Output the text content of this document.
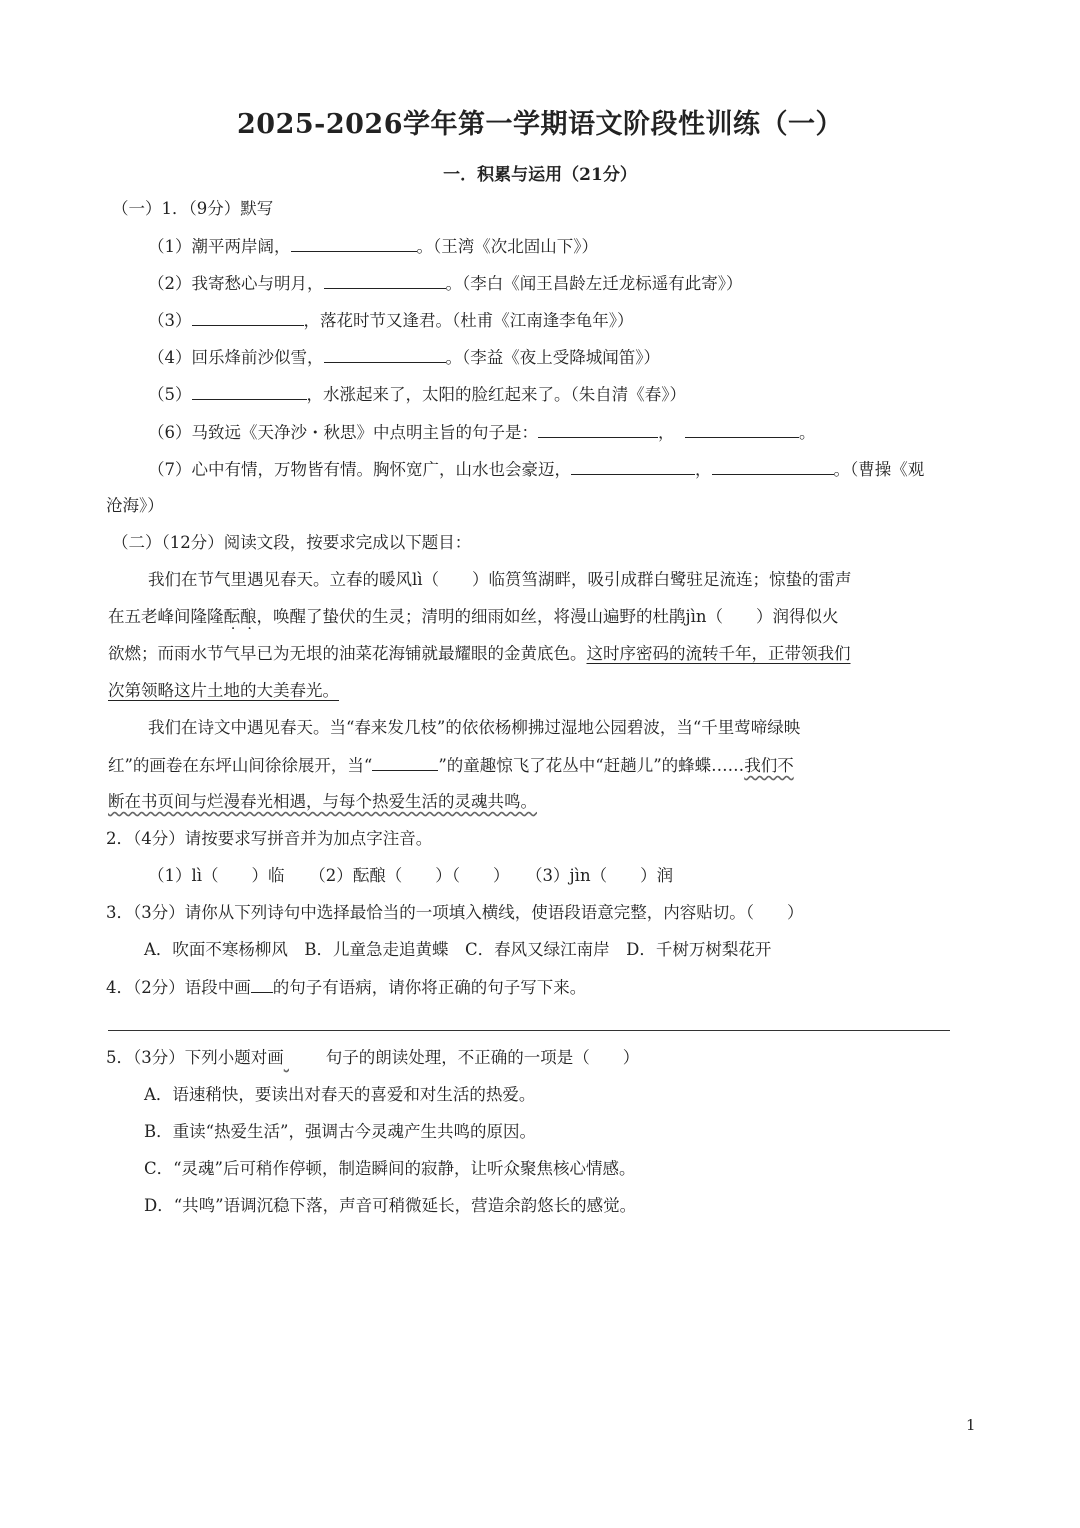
2025-2026学年第一学期语文阶段性训练（一）
一．积累与运用（21分）
（一）1．（9分）默写
（1）潮平两岸阔，	。（王湾《次北固山下》）
（2）我寄愁心与明月，	。（李白《闻王昌龄左迁龙标遥有此寄》）
（3）	，落花时节又逢君。（杜甫《江南逢李龟年》）
（4）回乐烽前沙似雪，	。（李益《夜上受降城闻笛》）
（5）	，水涨起来了，太阳的脸红起来了。（朱自清《春》）
（6）马致远《天净沙・秋思》中点明主旨的句子是：	，	。
（7）心中有情，万物皆有情。胸怀宽广，山水也会豪迈，	，	。（曹操《观
沧海》）
（二）（12分）阅读文段，按要求完成以下题目：
我们在节气里遇见春天。立春的暖风lì（　　）临筼筜湖畔，吸引成群白鹭驻足流连；惊蛰的雷声
在五老峰间隆隆酝酿，唤醒了蛰伏的生灵；清明的细雨如丝，将漫山遍野的杜鹃jìn（　　）润得似火
欲燃；而雨水节气早已为无垠的油菜花海铺就最耀眼的金黄底色。这时序密码的流转千年，正带领我们
次第领略这片土地的大美春光。
我们在诗文中遇见春天。当“春来发几枝”的依依杨柳拂过湿地公园碧波，当“千里莺啼绿映
红”的画卷在东坪山间徐徐展开，当“	”的童趣惊飞了花丛中“赶趟儿”的蜂蝶……我们不
断在书页间与烂漫春光相遇，与每个热爱生活的灵魂共鸣。
2．（4分）请按要求写拼音并为加点字注音。
（1）lì（　　）临　　（2）酝酿（　　）（　　）　　（3）jìn（　　）润
3．（3分）请你从下列诗句中选择最恰当的一项填入横线，使语段语意完整，内容贴切。（　　）
A．吹面不寒杨柳风　B．儿童急走追黄蝶　C．春风又绿江南岸　D．千树万树梨花开
4．（2分）语段中画 的句子有语病，请你将正确的句子写下来。
5．（3分）下列小题对画	句子的朗读处理，不正确的一项是（　　）
A．语速稍快，要读出对春天的喜爱和对生活的热爱。
B．重读“热爱生活”，强调古今灵魂产生共鸣的原因。
C．“灵魂”后可稍作停顿，制造瞬间的寂静，让听众聚焦核心情感。
D．“共鸣”语调沉稳下落，声音可稍微延长，营造余韵悠长的感觉。
1
